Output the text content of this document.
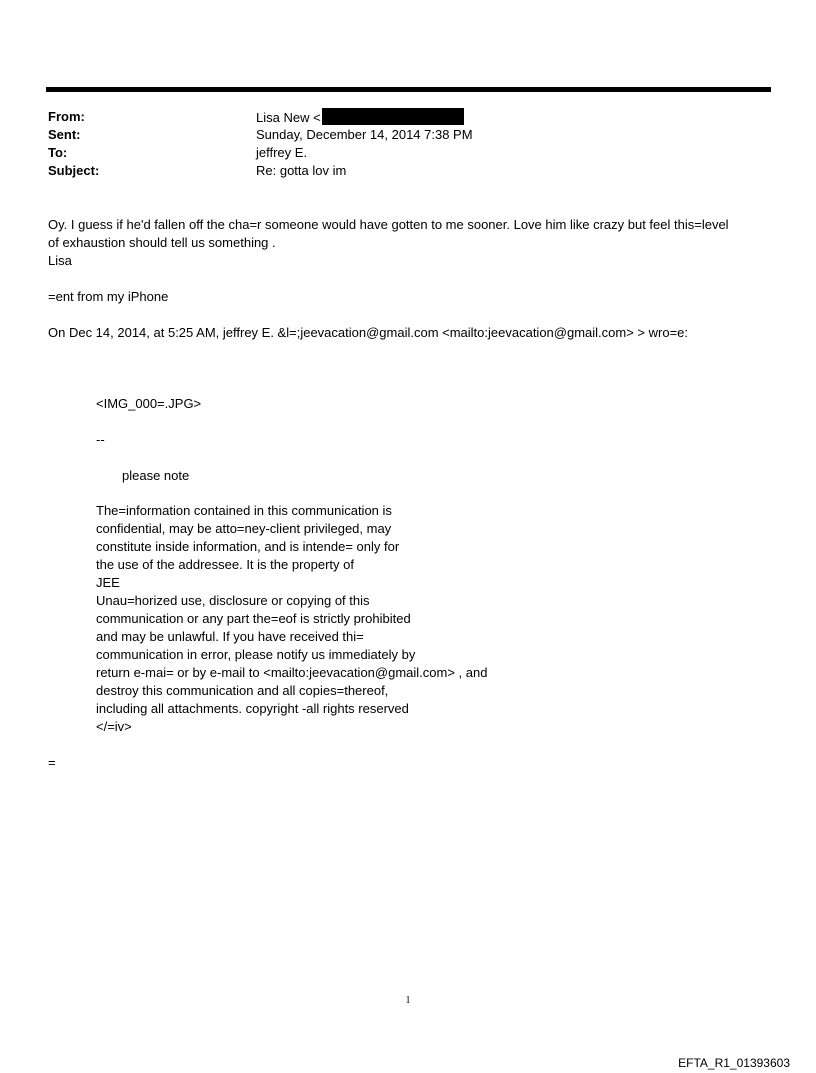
From:	Lisa New <
Sent:	Sunday, December 14, 2014 7:38 PM
To:	jeffrey E.
Subject:	Re: gotta lov im
Oy. I guess if he'd fallen off the cha=r someone would have gotten to me sooner. Love him like crazy but feel this=level
of exhaustion should tell us something .
Lisa
=ent from my iPhone
On Dec 14, 2014, at 5:25 AM, jeffrey E. &l=;jeevacation@gmail.com <mailto:jeevacation@gmail.com> > wro=e:
<IMG_000=.JPG>
--
please note
The=information contained in this communication is
confidential, may be atto=ney-client privileged, may
constitute inside information, and is intende= only for
the use of the addressee. It is the property of
JEE
Unau=horized use, disclosure or copying of this
communication or any part the=eof is strictly prohibited
and may be unlawful. If you have received thi=
communication in error, please notify us immediately by
return e-mai= or by e-mail to <mailto:jeevacation@gmail.com> , and
destroy this communication and all copies=thereof,
including all attachments. copyright -all rights reserved
</=iv>
=
1
EFTA_R1_01393603
